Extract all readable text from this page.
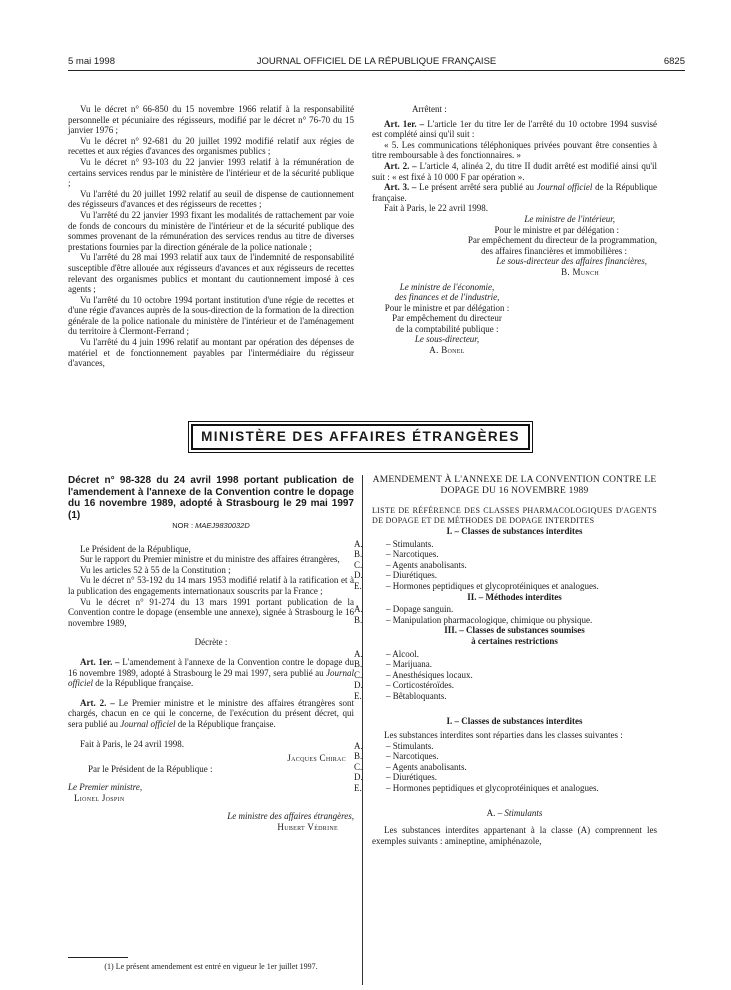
5 mai 1998	JOURNAL OFFICIEL DE LA RÉPUBLIQUE FRANÇAISE	6825

Vu le décret n° 66-850 du 15 novembre 1966 relatif à la responsabilité personnelle et pécuniaire des régisseurs, modifié par le décret n° 76-70 du 15 janvier 1976 ;

Vu le décret n° 92-681 du 20 juillet 1992 modifié relatif aux régies de recettes et aux régies d'avances des organismes publics ;

Vu le décret n° 93-103 du 22 janvier 1993 relatif à la rémunération de certains services rendus par le ministère de l'intérieur et de la sécurité publique ;

Vu l'arrêté du 20 juillet 1992 relatif au seuil de dispense de cautionnement des régisseurs d'avances et des régisseurs de recettes ;

Vu l'arrêté du 22 janvier 1993 fixant les modalités de rattachement par voie de fonds de concours du ministère de l'intérieur et de la sécurité publique des sommes provenant de la rémunération des services rendus au titre de diverses prestations fournies par la direction générale de la police nationale ;

Vu l'arrêté du 28 mai 1993 relatif aux taux de l'indemnité de responsabilité susceptible d'être allouée aux régisseurs d'avances et aux régisseurs de recettes relevant des organismes publics et montant du cautionnement imposé à ces agents ;

Vu l'arrêté du 10 octobre 1994 portant institution d'une régie de recettes et d'une régie d'avances auprès de la sous-direction de la formation de la direction générale de la police nationale du ministère de l'intérieur et de l'aménagement du territoire à Clermont-Ferrand ;

Vu l'arrêté du 4 juin 1996 relatif au montant par opération des dépenses de matériel et de fonctionnement payables par l'intermédiaire du régisseur d'avances,

Arrêtent :

Art. 1er. – L'article 1er du titre Ier de l'arrêté du 10 octobre 1994 susvisé est complété ainsi qu'il suit :

« 5. Les communications téléphoniques privées pouvant être consenties à titre remboursable à des fonctionnaires. »

Art. 2. – L'article 4, alinéa 2, du titre II dudit arrêté est modifié ainsi qu'il suit : « est fixé à 10 000 F par opération ».

Art. 3. – Le présent arrêté sera publié au Journal officiel de la République française.

Fait à Paris, le 22 avril 1998.

Le ministre de l'intérieur,
Pour le ministre et par délégation :
Par empêchement du directeur de la programmation,
des affaires financières et immobilières :
Le sous-directeur des affaires financières,
B. Munch
Le ministre de l'économie,
des finances et de l'industrie,
Pour le ministre et par délégation :
Par empêchement du directeur
de la comptabilité publique :
Le sous-directeur,
A. Bonel
MINISTÈRE DES AFFAIRES ÉTRANGÈRES

Décret n° 98-328 du 24 avril 1998 portant publication de l'amendement à l'annexe de la Convention contre le dopage du 16 novembre 1989, adopté à Strasbourg le 29 mai 1997 (1)

NOR : MAEJ9830032D

Le Président de la République,

Sur le rapport du Premier ministre et du ministre des affaires étrangères,

Vu les articles 52 à 55 de la Constitution ;

Vu le décret n° 53-192 du 14 mars 1953 modifié relatif à la ratification et à la publication des engagements internationaux souscrits par la France ;

Vu le décret n° 91-274 du 13 mars 1991 portant publication de la Convention contre le dopage (ensemble une annexe), signée à Strasbourg le 16 novembre 1989,

Décrète :

Art. 1er. – L'amendement à l'annexe de la Convention contre le dopage du 16 novembre 1989, adopté à Strasbourg le 29 mai 1997, sera publié au Journal officiel de la République française.

Art. 2. – Le Premier ministre et le ministre des affaires étrangères sont chargés, chacun en ce qui le concerne, de l'exécution du présent décret, qui sera publié au Journal officiel de la République française.

Fait à Paris, le 24 avril 1998.

Jacques Chirac

Par le Président de la République :

Le Premier ministre,

Lionel Jospin

Le ministre des affaires étrangères,

Hubert Védrine

(1) Le présent amendement est entré en vigueur le 1er juillet 1997.

AMENDEMENT À L'ANNEXE DE LA CONVENTION CONTRE LE DOPAGE DU 16 NOVEMBRE 1989

LISTE DE RÉFÉRENCE DES CLASSES PHARMACOLOGIQUES D'AGENTS DE DOPAGE ET DE MÉTHODES DE DOPAGE INTERDITES

I. – Classes de substances interdites

A.	– Stimulants.

B.	– Narcotiques.

C.	– Agents anabolisants.

D.	– Diurétiques.

E.	– Hormones peptidiques et glycoprotéiniques et analogues.

II. – Méthodes interdites

A.	– Dopage sanguin.

B.	– Manipulation pharmacologique, chimique ou physique.

III. – Classes de substances soumises

à certaines restrictions

A.	– Alcool.

B.	– Marijuana.

C.	– Anesthésiques locaux.

D.	– Corticostéroïdes.

E.	– Bêtabloquants.

I. – Classes de substances interdites

Les substances interdites sont réparties dans les classes suivantes :

A.	– Stimulants.

B.	– Narcotiques.

C.	– Agents anabolisants.

D.	– Diurétiques.

E.	– Hormones peptidiques et glycoprotéiniques et analogues.

A. – Stimulants

Les substances interdites appartenant à la classe (A) comprennent les exemples suivants : amineptine, amiphénazole,
